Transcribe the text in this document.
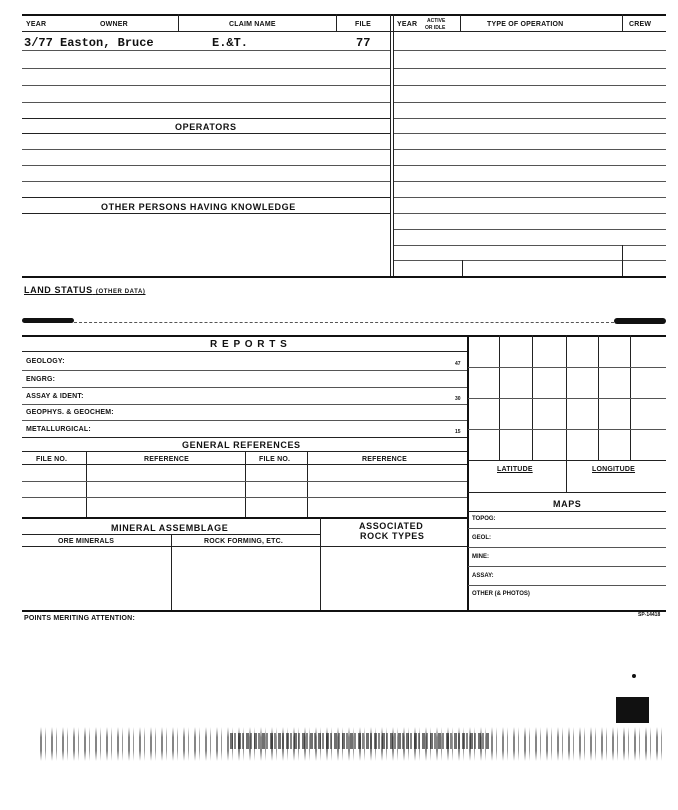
YEAR	OWNER	CLAIM NAME	FILE	YEAR ACTIVE
OR IDLE	TYPE OF OPERATION	CREW
3/77 Easton, Bruce	E.&T.	77
OPERATORS
OTHER PERSONS HAVING KNOWLEDGE
LAND STATUS (OTHER DATA)
R E P O R T S
GEOLOGY:	47
ENGRG:
ASSAY & IDENT:	30
GEOPHYS. & GEOCHEM:
METALLURGICAL:	15
GENERAL REFERENCES
FILE NO.	REFERENCE	FILE NO.	REFERENCE
MINERAL ASSEMBLAGE	ASSOCIATED
ROCK TYPES
ORE MINERALS	ROCK FORMING, ETC.
LATITUDE	LONGITUDE
MAPS
TOPOG:
GEOL:
MINE:
ASSAY:
OTHER (& PHOTOS)
POINTS MERITING ATTENTION:	SP-14418
